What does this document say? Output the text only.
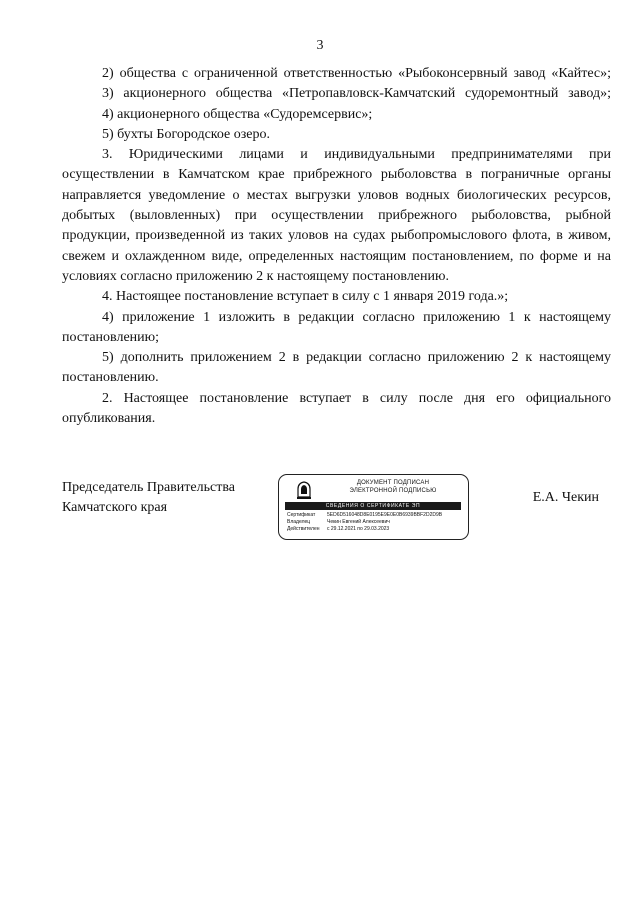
3

2) общества с ограниченной ответственностью «Рыбоконсервный завод «Кайтес»;

3) акционерного общества «Петропавловск-Камчатский судоремонтный завод»;

4) акционерного общества «Судоремсервис»;

5) бухты Богородское озеро.

3. Юридическими лицами и индивидуальными предпринимателями при осуществлении в Камчатском крае прибрежного рыболовства в пограничные органы направляется уведомление о местах выгрузки уловов водных биологических ресурсов, добытых (выловленных) при осуществлении прибрежного рыболовства, рыбной продукции, произведенной из таких уловов на судах рыбопромыслового флота, в живом, свежем и охлажденном виде, определенных настоящим постановлением, по форме и на условиях согласно приложению 2 к настоящему постановлению.

4. Настоящее постановление вступает в силу с 1 января 2019 года.»;

4) приложение 1 изложить в редакции согласно приложению 1 к настоящему постановлению;

5) дополнить приложением 2 в редакции согласно приложению 2 к настоящему постановлению.

2. Настоящее постановление вступает в силу после дня его официального опубликования.

Председатель Правительства
Камчатского края
ДОКУМЕНТ ПОДПИСАН
ЭЛЕКТРОННОЙ ПОДПИСЬЮ
СВЕДЕНИЯ О СЕРТИФИКАТЕ ЭП
Сертификат 5ED6D516048D8E0195E9E0E0B6939BBF2D2D9B
Владелец	Чекин Евгений Алексеевич
Действителен с 29.12.2021 по 29.03.2023
Е.А. Чекин
